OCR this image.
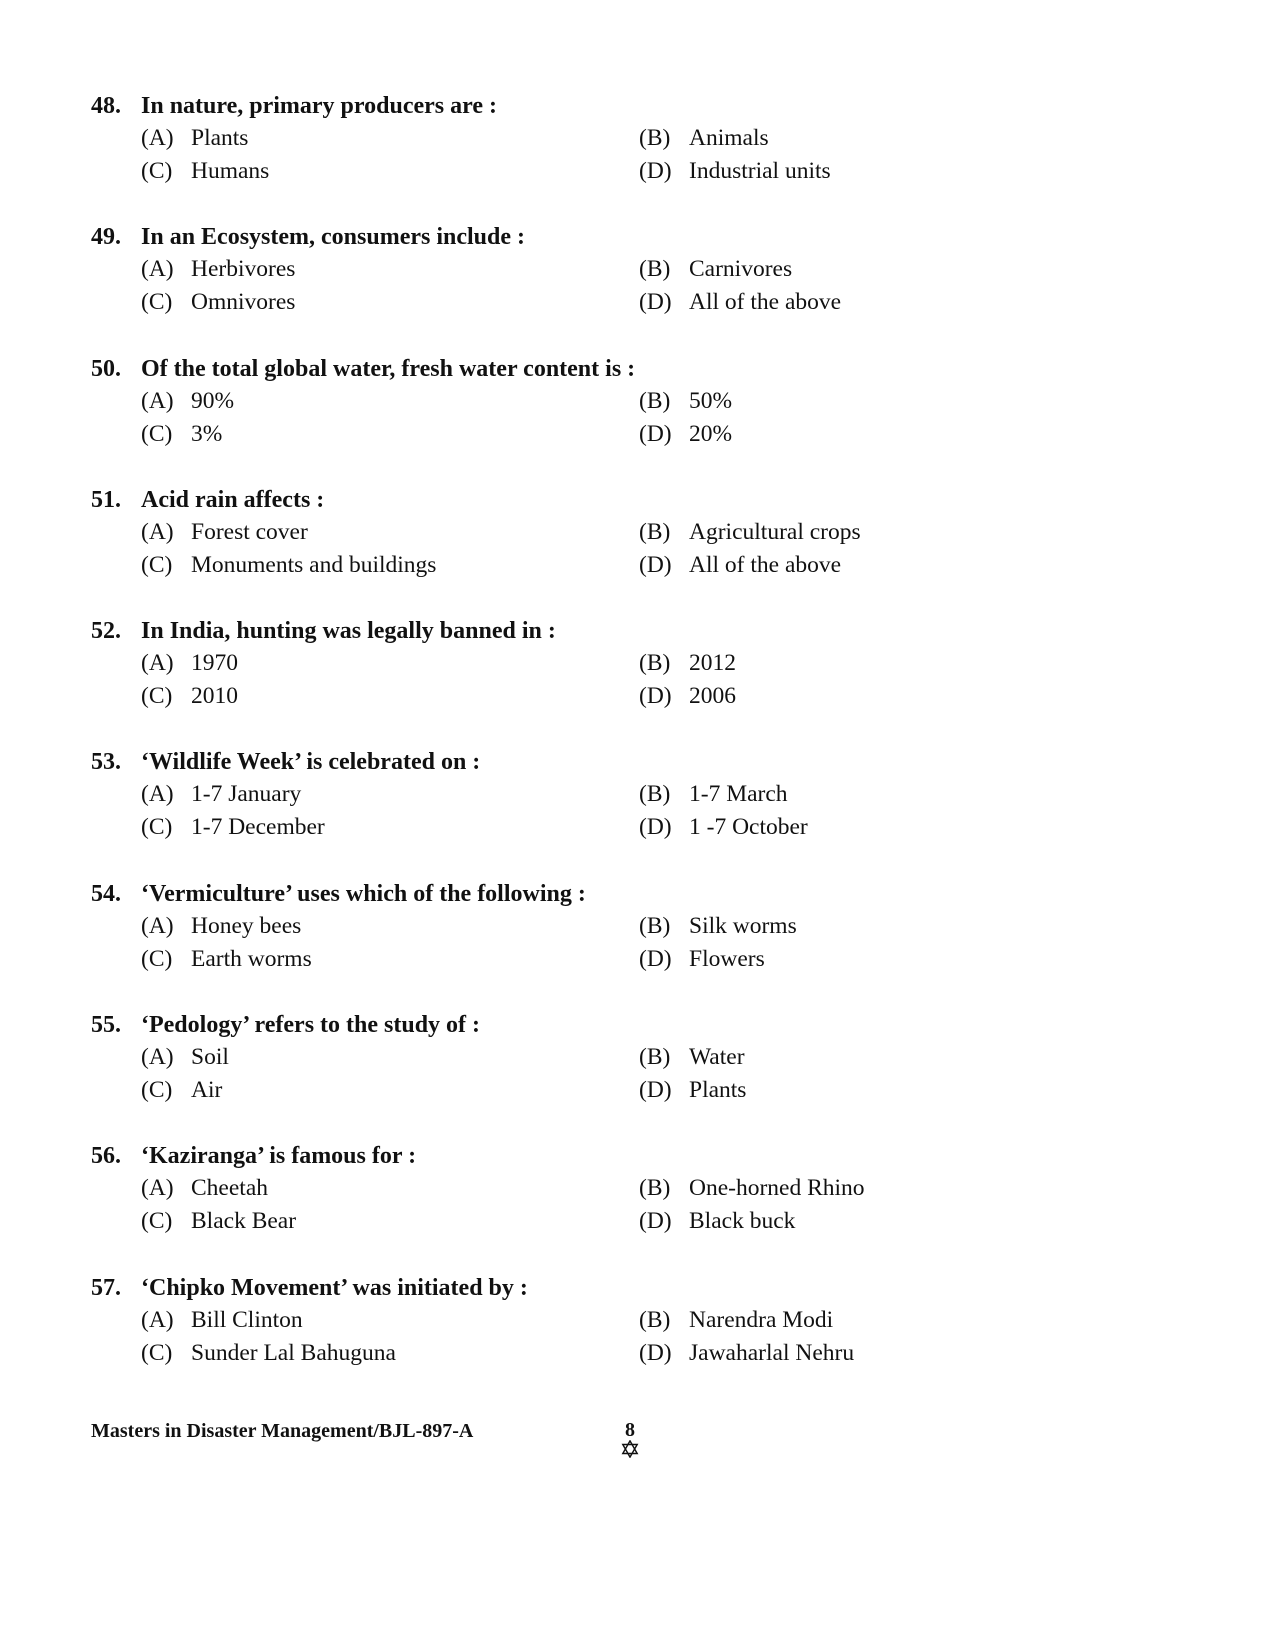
48. In nature, primary producers are :
(A) Plants	(B) Animals
(C) Humans	(D) Industrial units
49. In an Ecosystem, consumers include :
(A) Herbivores	(B) Carnivores
(C) Omnivores	(D) All of the above
50. Of the total global water, fresh water content is :
(A) 90%	(B) 50%
(C) 3%	(D) 20%
51. Acid rain affects :
(A) Forest cover	(B) Agricultural crops
(C) Monuments and buildings	(D) All of the above
52. In India, hunting was legally banned in :
(A) 1970	(B) 2012
(C) 2010	(D) 2006
53. ‘Wildlife Week’ is celebrated on :
(A) 1-7 January	(B) 1-7 March
(C) 1-7 December	(D) 1 -7 October
54. ‘Vermiculture’ uses which of the following :
(A) Honey bees	(B) Silk worms
(C) Earth worms	(D) Flowers
55. ‘Pedology’ refers to the study of :
(A) Soil	(B) Water
(C) Air	(D) Plants
56. ‘Kaziranga’ is famous for :
(A) Cheetah	(B) One-horned Rhino
(C) Black Bear	(D) Black buck
57. ‘Chipko Movement’ was initiated by :
(A) Bill Clinton	(B) Narendra Modi
(C) Sunder Lal Bahuguna	(D) Jawaharlal Nehru
Masters in Disaster Management/BJL-897-A	8
